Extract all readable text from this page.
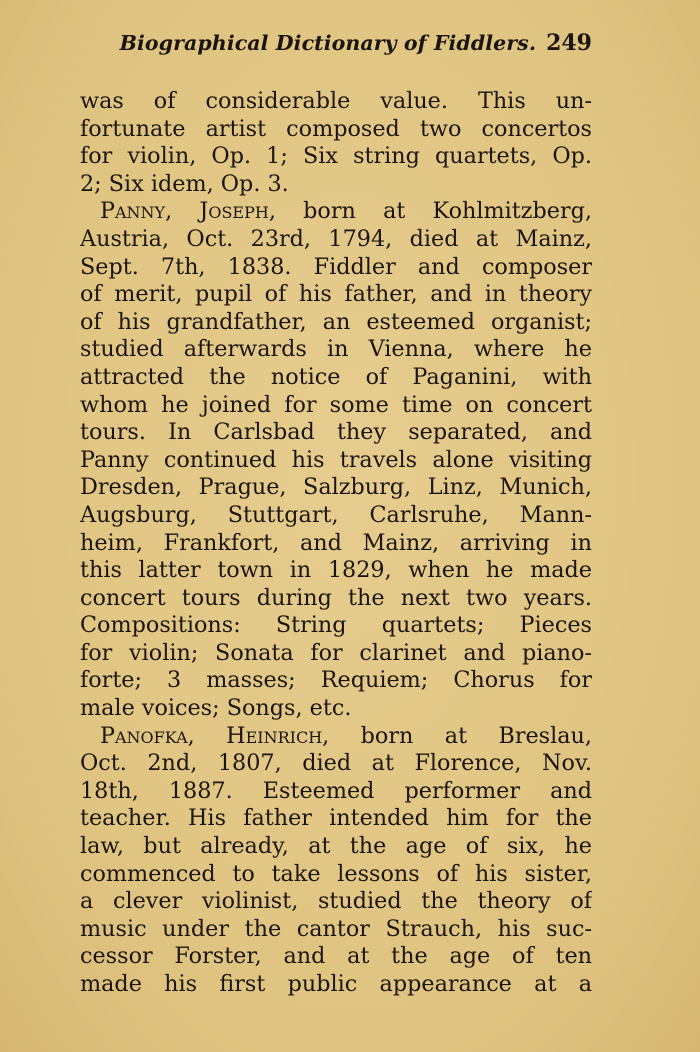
Biographical Dictionary of Fiddlers. 249
was of considerable value. This un-
fortunate artist composed two concertos
for violin, Op. 1; Six string quartets, Op.
2; Six idem, Op. 3.
Panny, Joseph, born at Kohlmitzberg,
Austria, Oct. 23rd, 1794, died at Mainz,
Sept. 7th, 1838. Fiddler and composer
of merit, pupil of his father, and in theory
of his grandfather, an esteemed organist;
studied afterwards in Vienna, where he
attracted the notice of Paganini, with
whom he joined for some time on concert
tours. In Carlsbad they separated, and
Panny continued his travels alone visiting
Dresden, Prague, Salzburg, Linz, Munich,
Augsburg, Stuttgart, Carlsruhe, Mann-
heim, Frankfort, and Mainz, arriving in
this latter town in 1829, when he made
concert tours during the next two years.
Compositions: String quartets; Pieces
for violin; Sonata for clarinet and piano-
forte; 3 masses; Requiem; Chorus for
male voices; Songs, etc.
Panofka, Heinrich, born at Breslau,
Oct. 2nd, 1807, died at Florence, Nov.
18th, 1887. Esteemed performer and
teacher. His father intended him for the
law, but already, at the age of six, he
commenced to take lessons of his sister,
a clever violinist, studied the theory of
music under the cantor Strauch, his suc-
cessor Forster, and at the age of ten
made his first public appearance at a
